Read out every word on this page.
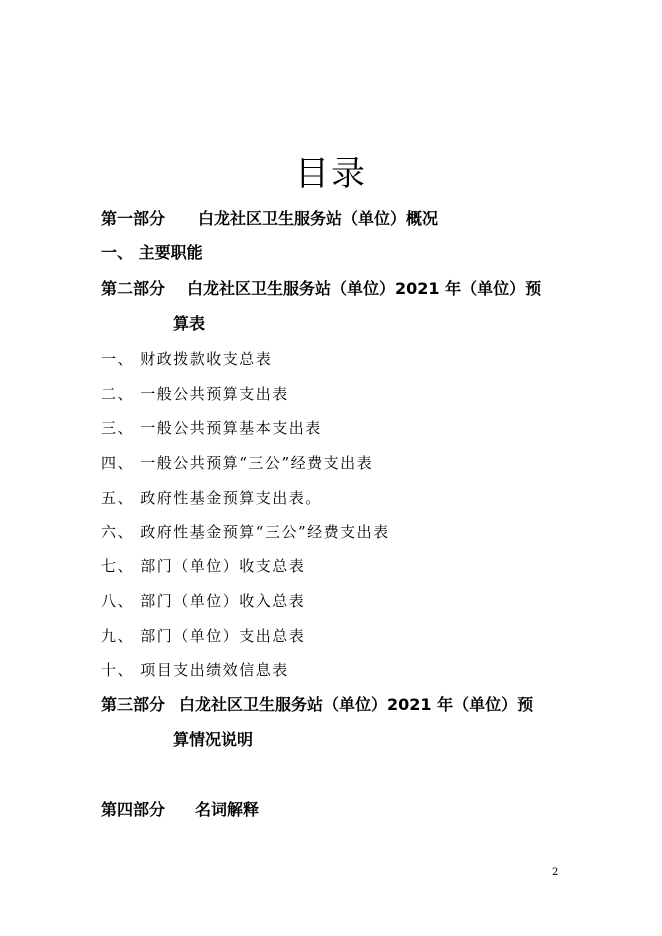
目录
第一部分 白龙社区卫生服务站（单位）概况
一、 主要职能
第二部分 白龙社区卫生服务站（单位）2021 年（单位）预
算表
一、 财政拨款收支总表
二、 一般公共预算支出表
三、 一般公共预算基本支出表
四、 一般公共预算“三公”经费支出表
五、 政府性基金预算支出表。
六、 政府性基金预算“三公”经费支出表
七、 部门（单位）收支总表
八、 部门（单位）收入总表
九、 部门（单位）支出总表
十、 项目支出绩效信息表
第三部分 白龙社区卫生服务站（单位）2021 年（单位）预
算情况说明
第四部分 名词解释
2
